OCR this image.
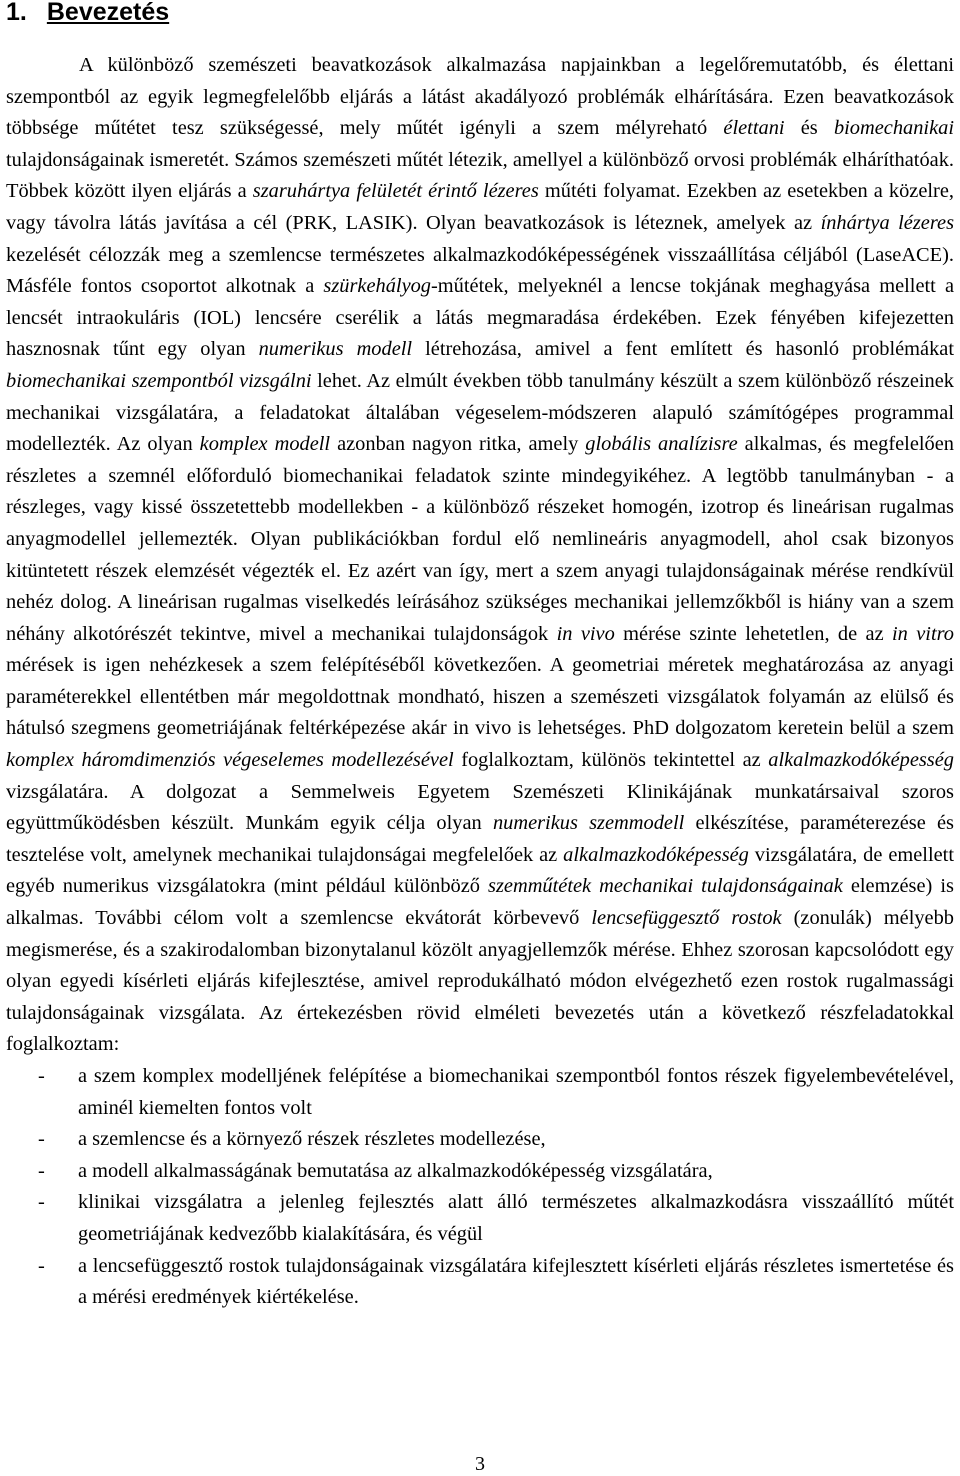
1. Bevezetés

A különböző szemészeti beavatkozások alkalmazása napjainkban a legelőremutatóbb, és élettani szempontból az egyik legmegfelelőbb eljárás a látást akadályozó problémák elhárítására. Ezen beavatkozások többsége műtétet tesz szükségessé, mely műtét igényli a szem mélyreható élettani és biomechanikai tulajdonságainak ismeretét. Számos szemészeti műtét létezik, amellyel a különböző orvosi problémák elháríthatóak. Többek között ilyen eljárás a szaruhártya felületét érintő lézeres műtéti folyamat. Ezekben az esetekben a közelre, vagy távolra látás javítása a cél (PRK, LASIK). Olyan beavatkozások is léteznek, amelyek az ínhártya lézeres kezelését célozzák meg a szemlencse természetes alkalmazkodóképességének visszaállítása céljából (LaseACE). Másféle fontos csoportot alkotnak a szürkehályog-műtétek, melyeknél a lencse tokjának meghagyása mellett a lencsét intraokuláris (IOL) lencsére cserélik a látás megmaradása érdekében. Ezek fényében kifejezetten hasznosnak tűnt egy olyan numerikus modell létrehozása, amivel a fent említett és hasonló problémákat biomechanikai szempontból vizsgálni lehet. Az elmúlt években több tanulmány készült a szem különböző részeinek mechanikai vizsgálatára, a feladatokat általában végeselem-módszeren alapuló számítógépes programmal modellezték. Az olyan komplex modell azonban nagyon ritka, amely globális analízisre alkalmas, és megfelelően részletes a szemnél előforduló biomechanikai feladatok szinte mindegyikéhez. A legtöbb tanulmányban - a részleges, vagy kissé összetettebb modellekben - a különböző részeket homogén, izotrop és lineárisan rugalmas anyagmodellel jellemezték. Olyan publikációkban fordul elő nemlineáris anyagmodell, ahol csak bizonyos kitüntetett részek elemzését végezték el. Ez azért van így, mert a szem anyagi tulajdonságainak mérése rendkívül nehéz dolog. A lineárisan rugalmas viselkedés leírásához szükséges mechanikai jellemzőkből is hiány van a szem néhány alkotórészét tekintve, mivel a mechanikai tulajdonságok in vivo mérése szinte lehetetlen, de az in vitro mérések is igen nehézkesek a szem felépítéséből következően. A geometriai méretek meghatározása az anyagi paraméterekkel ellentétben már megoldottnak mondható, hiszen a szemészeti vizsgálatok folyamán az elülső és hátulsó szegmens geometriájának feltérképezése akár in vivo is lehetséges. PhD dolgozatom keretein belül a szem komplex háromdimenziós végeselemes modellezésével foglalkoztam, különös tekintettel az alkalmazkodóképesség vizsgálatára. A dolgozat a Semmelweis Egyetem Szemészeti Klinikájának munkatársaival szoros együttműködésben készült. Munkám egyik célja olyan numerikus szemmodell elkészítése, paraméterezése és tesztelése volt, amelynek mechanikai tulajdonságai megfelelőek az alkalmazkodóképesség vizsgálatára, de emellett egyéb numerikus vizsgálatokra (mint például különböző szemműtétek mechanikai tulajdonságainak elemzése) is alkalmas. További célom volt a szemlencse ekvátorát körbevevő lencsefüggesztő rostok (zonulák) mélyebb megismerése, és a szakirodalomban bizonytalanul közölt anyagjellemzők mérése. Ehhez szorosan kapcsolódott egy olyan egyedi kísérleti eljárás kifejlesztése, amivel reprodukálható módon elvégezhető ezen rostok rugalmassági tulajdonságainak vizsgálata. Az értekezésben rövid elméleti bevezetés után a következő részfeladatokkal foglalkoztam:

- a szem komplex modelljének felépítése a biomechanikai szempontból fontos részek figyelembevételével, aminél kiemelten fontos volt
- a szemlencse és a környező részek részletes modellezése,
- a modell alkalmasságának bemutatása az alkalmazkodóképesség vizsgálatára,
- klinikai vizsgálatra a jelenleg fejlesztés alatt álló természetes alkalmazkodásra visszaállító műtét geometriájának kedvezőbb kialakítására, és végül
- a lencsefüggesztő rostok tulajdonságainak vizsgálatára kifejlesztett kísérleti eljárás részletes ismertetése és a mérési eredmények kiértékelése.
3
